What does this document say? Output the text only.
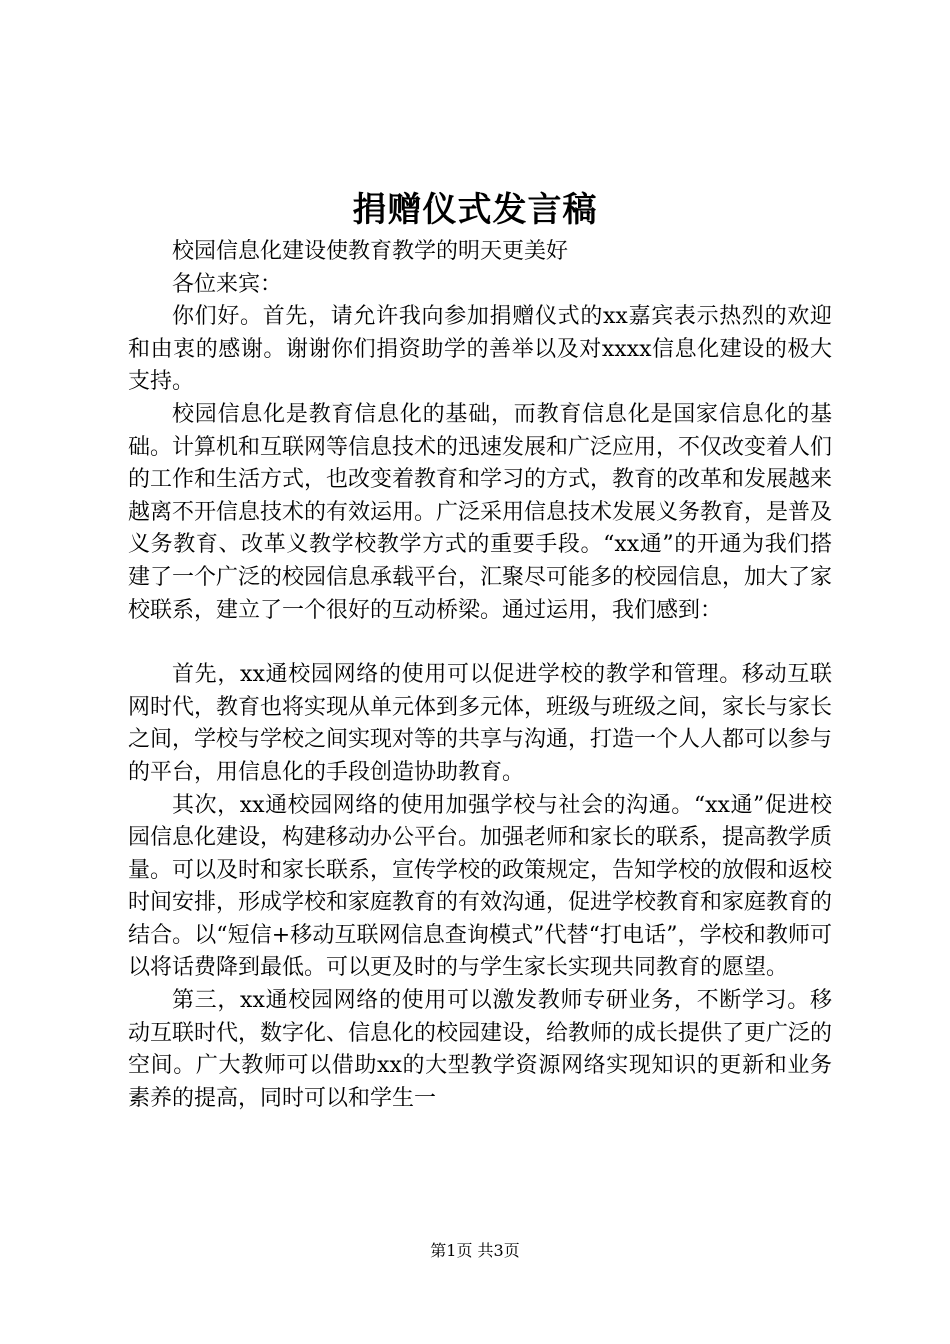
捐赠仪式发言稿

校园信息化建设使教育教学的明天更美好

各位来宾：

你们好。首先，请允许我向参加捐赠仪式的xx嘉宾表示热烈的欢迎和由衷的感谢。谢谢你们捐资助学的善举以及对xxxx信息化建设的极大支持。

校园信息化是教育信息化的基础，而教育信息化是国家信息化的基础。计算机和互联网等信息技术的迅速发展和广泛应用，不仅改变着人们的工作和生活方式，也改变着教育和学习的方式，教育的改革和发展越来越离不开信息技术的有效运用。广泛采用信息技术发展义务教育，是普及义务教育、改革义教学校教学方式的重要手段。“xx通”的开通为我们搭建了一个广泛的校园信息承载平台，汇聚尽可能多的校园信息，加大了家校联系，建立了一个很好的互动桥梁。通过运用，我们感到：

首先，xx通校园网络的使用可以促进学校的教学和管理。移动互联网时代，教育也将实现从单元体到多元体，班级与班级之间，家长与家长之间，学校与学校之间实现对等的共享与沟通，打造一个人人都可以参与的平台，用信息化的手段创造协助教育。

其次，xx通校园网络的使用加强学校与社会的沟通。“xx通”促进校园信息化建设，构建移动办公平台。加强老师和家长的联系，提高教学质量。可以及时和家长联系，宣传学校的政策规定，告知学校的放假和返校时间安排，形成学校和家庭教育的有效沟通，促进学校教育和家庭教育的结合。以“短信+移动互联网信息查询模式”代替“打电话”，学校和教师可以将话费降到最低。可以更及时的与学生家长实现共同教育的愿望。

第三，xx通校园网络的使用可以激发教师专研业务，不断学习。移动互联时代，数字化、信息化的校园建设，给教师的成长提供了更广泛的空间。广大教师可以借助xx的大型教学资源网络实现知识的更新和业务素养的提高，同时可以和学生一

第1页 共3页
